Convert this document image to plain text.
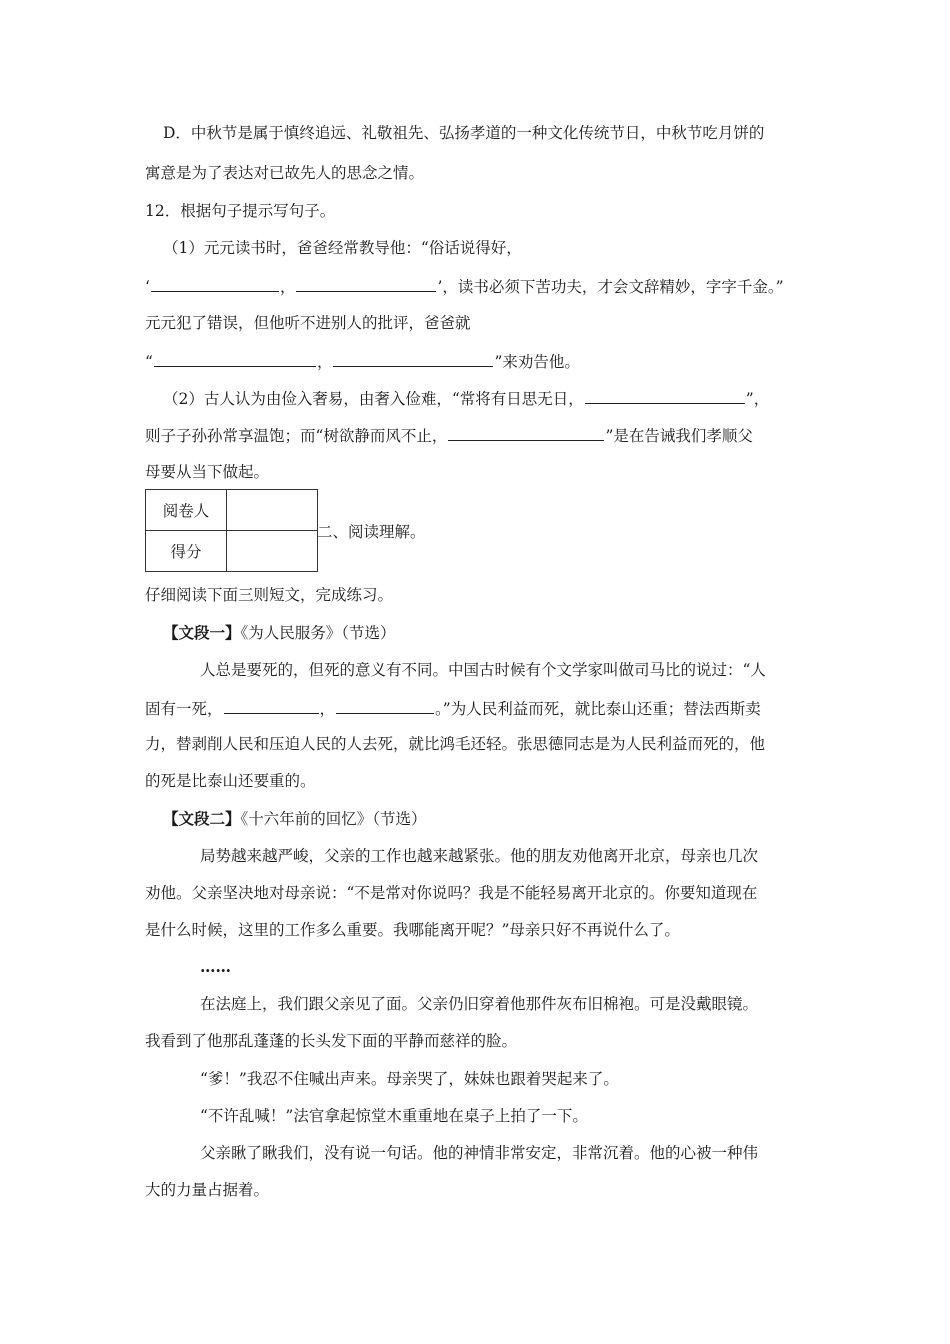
D．中秋节是属于慎终追远、礼敬祖先、弘扬孝道的一种文化传统节日，中秋节吃月饼的
寓意是为了表达对已故先人的思念之情。
12．根据句子提示写句子。
（1）元元读书时，爸爸经常教导他：“俗话说得好，
‘	，	’，读书必须下苦功夫，才会文辞精妙，字字千金。”
元元犯了错误，但他听不进别人的批评，爸爸就
“	，	”来劝告他。
（2）古人认为由俭入奢易，由奢入俭难，“常将有日思无日，	”，
则子子孙孙常享温饱；而“树欲静而风不止，	”是在告诫我们孝顺父
母要从当下做起。
阅卷人	
得分	
二、阅读理解。
仔细阅读下面三则短文，完成练习。
【文段一】《为人民服务》（节选）
人总是要死的，但死的意义有不同。中国古时候有个文学家叫做司马比的说过：“人
固有一死，	，	。”为人民利益而死，就比泰山还重；替法西斯卖
力，替剥削人民和压迫人民的人去死，就比鸿毛还轻。张思德同志是为人民利益而死的，他
的死是比泰山还要重的。
【文段二】《十六年前的回忆》（节选）
局势越来越严峻，父亲的工作也越来越紧张。他的朋友劝他离开北京，母亲也几次
劝他。父亲坚决地对母亲说：“不是常对你说吗？我是不能轻易离开北京的。你要知道现在
是什么时候，这里的工作多么重要。我哪能离开呢？”母亲只好不再说什么了。
……
在法庭上，我们跟父亲见了面。父亲仍旧穿着他那件灰布旧棉袍。可是没戴眼镜。
我看到了他那乱蓬蓬的长头发下面的平静而慈祥的脸。
“爹！”我忍不住喊出声来。母亲哭了，妹妹也跟着哭起来了。
“不许乱喊！”法官拿起惊堂木重重地在桌子上拍了一下。
父亲瞅了瞅我们，没有说一句话。他的神情非常安定，非常沉着。他的心被一种伟
大的力量占据着。
